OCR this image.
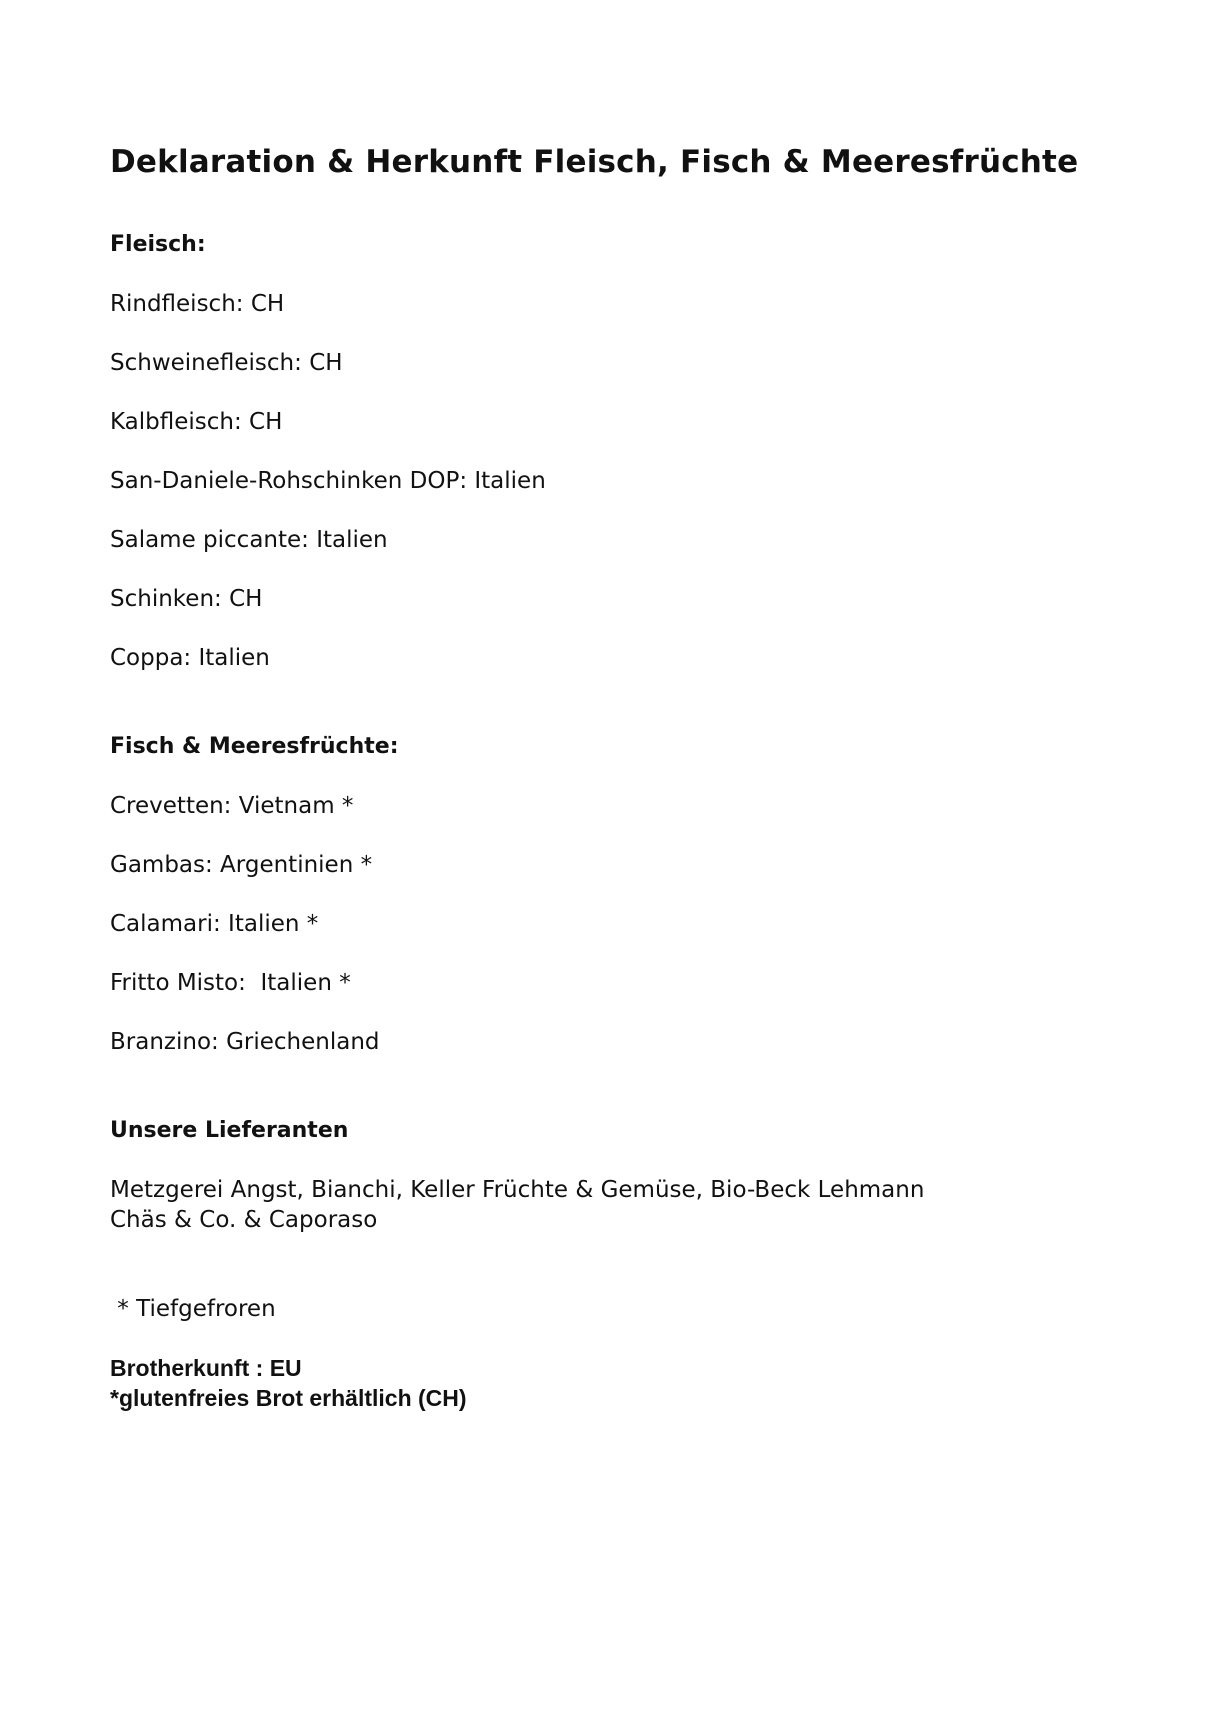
Deklaration & Herkunft Fleisch, Fisch & Meeresfrüchte
Fleisch:

Rindfleisch: CH

Schweinefleisch: CH

Kalbfleisch: CH

San-Daniele-Rohschinken DOP: Italien

Salame piccante: Italien

Schinken: CH

Coppa: Italien

Fisch & Meeresfrüchte:

Crevetten: Vietnam *

Gambas: Argentinien *

Calamari: Italien *

Fritto Misto:  Italien *

Branzino: Griechenland

Unsere Lieferanten

Metzgerei Angst, Bianchi, Keller Früchte & Gemüse, Bio-Beck Lehmann

Chäs & Co. & Caporaso

* Tiefgefroren

Brotherkunft : EU

*glutenfreies Brot erhältlich (CH)
